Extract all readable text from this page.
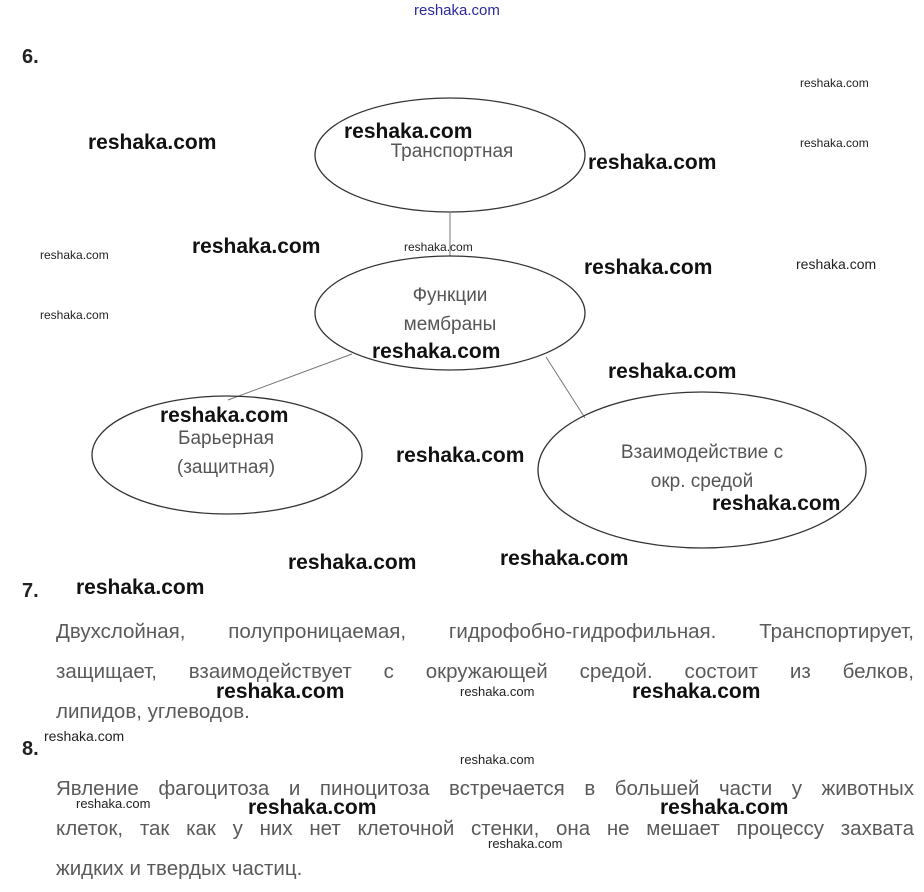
reshaka.com
6.
Транспортная
Функции
мембраны
Барьерная
(защитная)
Взаимодействие с
окр. средой
7.
Двухслойная, полупроницаемая, гидрофобно-гидрофильная. Транспортирует,
защищает, взаимодействует с окружающей средой. состоит из белков,
липидов, углеводов.
8.
Явление фагоцитоза и пиноцитоза встречается в большей части у животных
клеток, так как у них нет клеточной стенки, она не мешает процессу захвата
жидких и твердых частиц.
reshaka.com	reshaka.com
reshaka.com
reshaka.com
reshaka.com
reshaka.com
reshaka.com
reshaka.com
reshaka.com
reshaka.com
reshaka.com	reshaka.com
reshaka.com
reshaka.com	reshaka.com
reshaka.com	reshaka.com
reshaka.com
reshaka.com
reshaka.com
reshaka.com
reshaka.com
reshaka.com
reshaka.com
reshaka.com
reshaka.com
reshaka.com
reshaka.com
